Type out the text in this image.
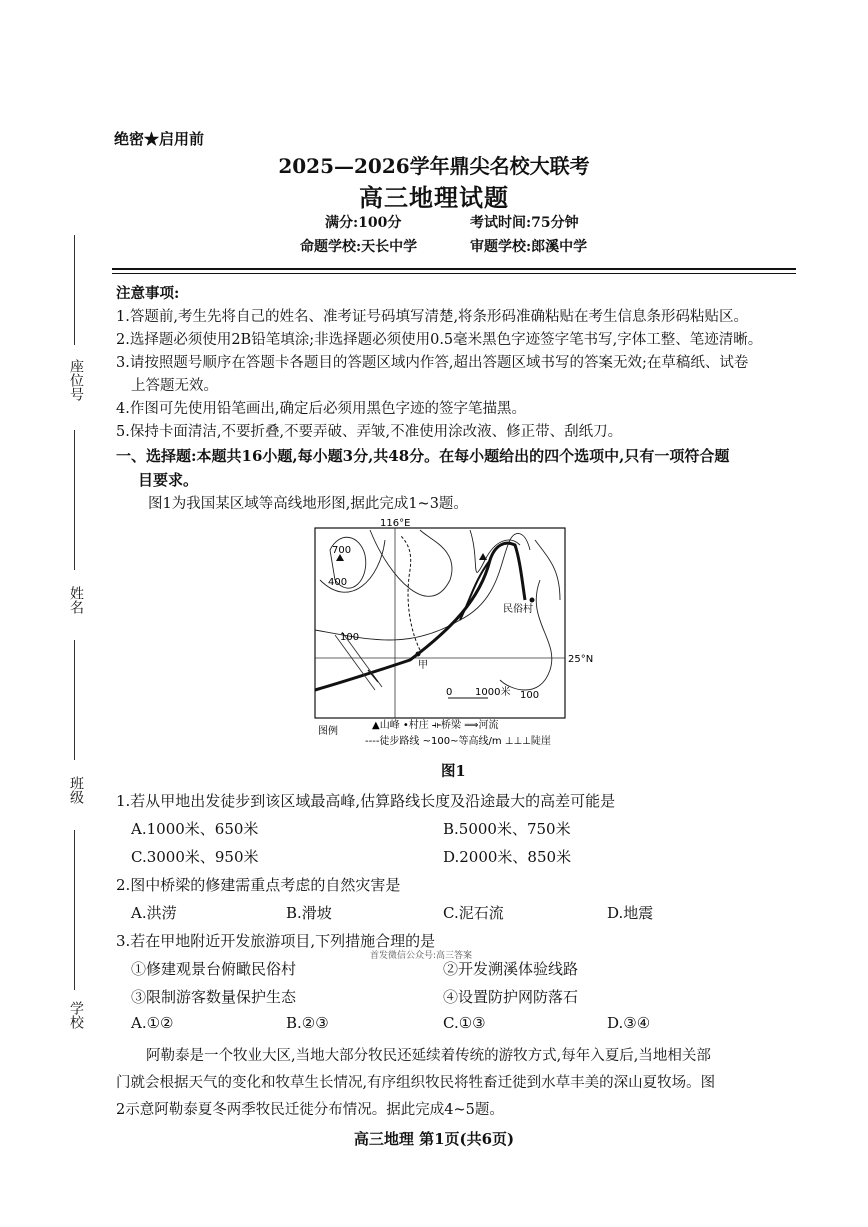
绝密★启用前
2025—2026学年鼎尖名校大联考
高三地理试题
满分:100分	考试时间:75分钟
命题学校:天长中学	审题学校:郎溪中学
座位号
姓名
班级
学校
注意事项:
1.答题前,考生先将自己的姓名、准考证号码填写清楚,将条形码准确粘贴在考生信息条形码粘贴区。
2.选择题必须使用2B铅笔填涂;非选择题必须使用0.5毫米黑色字迹签字笔书写,字体工整、笔迹清晰。
3.请按照题号顺序在答题卡各题目的答题区域内作答,超出答题区域书写的答案无效;在草稿纸、试卷
上答题无效。
4.作图可先使用铅笔画出,确定后必须用黑色字迹的签字笔描黑。
5.保持卡面清洁,不要折叠,不要弄破、弄皱,不准使用涂改液、修正带、刮纸刀。
一、选择题:本题共16小题,每小题3分,共48分。在每小题给出的四个选项中,只有一项符合题
目要求。
图1为我国某区域等高线地形图,据此完成1~3题。
116°E
25°N
700
400
100
100
民俗村
甲
0 1000米
图例
▲山峰 •村庄 ⟛桥梁 ⟹河流
----徒步路线 ~100~等高线/m ⊥⊥⊥陡崖
图1
1.若从甲地出发徒步到该区域最高峰,估算路线长度及沿途最大的高差可能是
A.1000米、650米	B.5000米、750米
C.3000米、950米	D.2000米、850米
2.图中桥梁的修建需重点考虑的自然灾害是
A.洪涝	B.滑坡	C.泥石流	D.地震
3.若在甲地附近开发旅游项目,下列措施合理的是
①修建观景台俯瞰民俗村	②开发溯溪体验线路
③限制游客数量保护生态	④设置防护网防落石
A.①②	B.②③	C.①③	D.③④
首发微信公众号:高三答案
阿勒泰是一个牧业大区,当地大部分牧民还延续着传统的游牧方式,每年入夏后,当地相关部
门就会根据天气的变化和牧草生长情况,有序组织牧民将牲畜迁徙到水草丰美的深山夏牧场。图
2示意阿勒泰夏冬两季牧民迁徙分布情况。据此完成4~5题。
高三地理 第1页(共6页)
